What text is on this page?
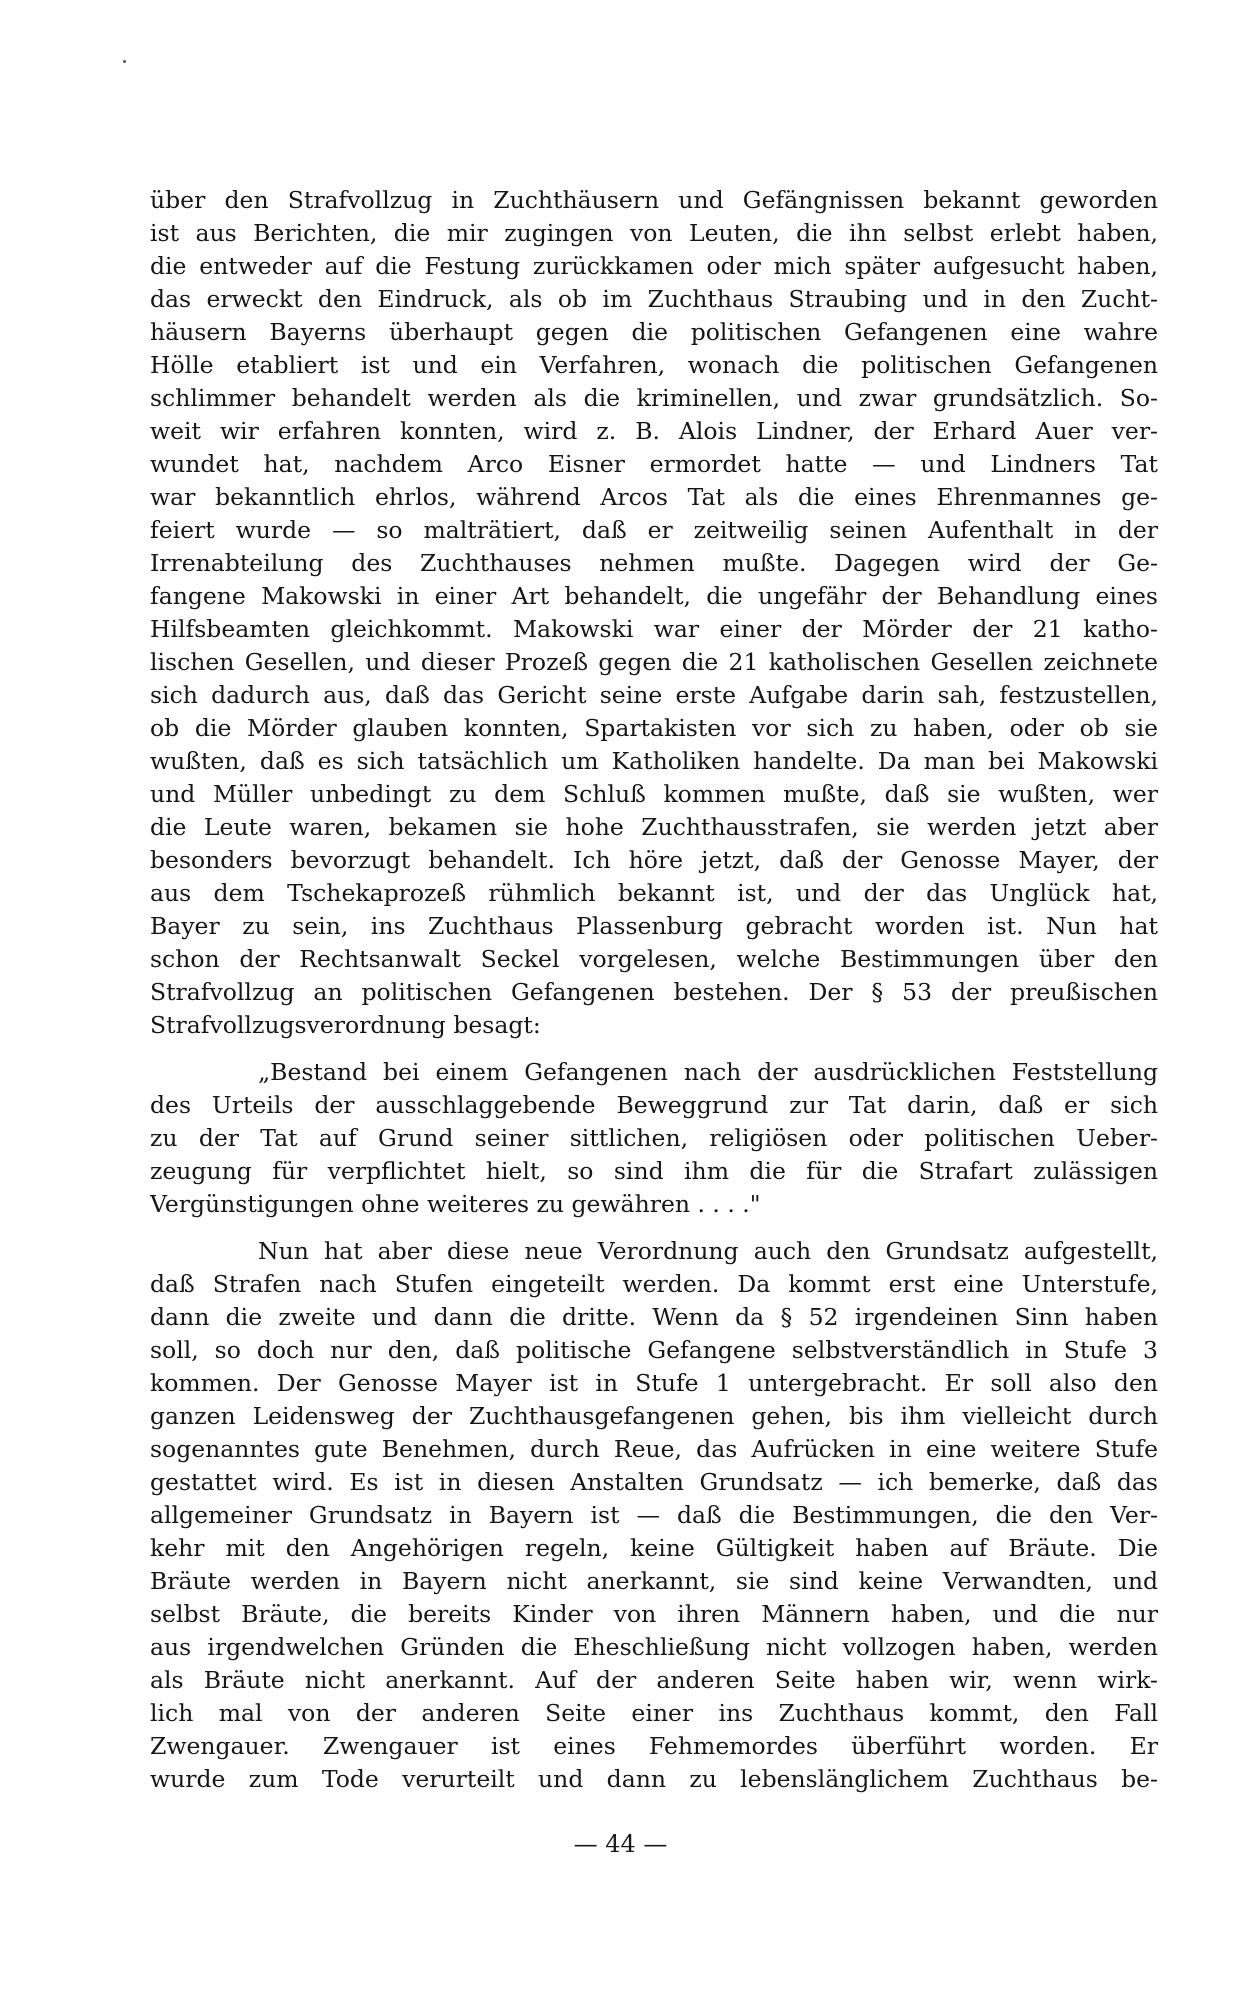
über den Strafvollzug in Zuchthäusern und Gefängnissen bekannt geworden
ist aus Berichten, die mir zugingen von Leuten, die ihn selbst erlebt haben,
die entweder auf die Festung zurückkamen oder mich später aufgesucht haben,
das erweckt den Eindruck, als ob im Zuchthaus Straubing und in den Zucht-
häusern Bayerns überhaupt gegen die politischen Gefangenen eine wahre
Hölle etabliert ist und ein Verfahren, wonach die politischen Gefangenen
schlimmer behandelt werden als die kriminellen, und zwar grundsätzlich. So-
weit wir erfahren konnten, wird z. B. Alois Lindner, der Erhard Auer ver-
wundet hat, nachdem Arco Eisner ermordet hatte — und Lindners Tat
war bekanntlich ehrlos, während Arcos Tat als die eines Ehrenmannes ge-
feiert wurde — so malträtiert, daß er zeitweilig seinen Aufenthalt in der
Irrenabteilung des Zuchthauses nehmen mußte. Dagegen wird der Ge-
fangene Makowski in einer Art behandelt, die ungefähr der Behandlung eines
Hilfsbeamten gleichkommt. Makowski war einer der Mörder der 21 katho-
lischen Gesellen, und dieser Prozeß gegen die 21 katholischen Gesellen zeichnete
sich dadurch aus, daß das Gericht seine erste Aufgabe darin sah, festzustellen,
ob die Mörder glauben konnten, Spartakisten vor sich zu haben, oder ob sie
wußten, daß es sich tatsächlich um Katholiken handelte. Da man bei Makowski
und Müller unbedingt zu dem Schluß kommen mußte, daß sie wußten, wer
die Leute waren, bekamen sie hohe Zuchthausstrafen, sie werden jetzt aber
besonders bevorzugt behandelt. Ich höre jetzt, daß der Genosse Mayer, der
aus dem Tschekaprozeß rühmlich bekannt ist, und der das Unglück hat,
Bayer zu sein, ins Zuchthaus Plassenburg gebracht worden ist. Nun hat
schon der Rechtsanwalt Seckel vorgelesen, welche Bestimmungen über den
Strafvollzug an politischen Gefangenen bestehen. Der § 53 der preußischen
Strafvollzugsverordnung besagt:
„Bestand bei einem Gefangenen nach der ausdrücklichen Feststellung
des Urteils der ausschlaggebende Beweggrund zur Tat darin, daß er sich
zu der Tat auf Grund seiner sittlichen, religiösen oder politischen Ueber-
zeugung für verpflichtet hielt, so sind ihm die für die Strafart zulässigen
Vergünstigungen ohne weiteres zu gewähren . . . ."
Nun hat aber diese neue Verordnung auch den Grundsatz aufgestellt,
daß Strafen nach Stufen eingeteilt werden. Da kommt erst eine Unterstufe,
dann die zweite und dann die dritte. Wenn da § 52 irgendeinen Sinn haben
soll, so doch nur den, daß politische Gefangene selbstverständlich in Stufe 3
kommen. Der Genosse Mayer ist in Stufe 1 untergebracht. Er soll also den
ganzen Leidensweg der Zuchthausgefangenen gehen, bis ihm vielleicht durch
sogenanntes gute Benehmen, durch Reue, das Aufrücken in eine weitere Stufe
gestattet wird. Es ist in diesen Anstalten Grundsatz — ich bemerke, daß das
allgemeiner Grundsatz in Bayern ist — daß die Bestimmungen, die den Ver-
kehr mit den Angehörigen regeln, keine Gültigkeit haben auf Bräute. Die
Bräute werden in Bayern nicht anerkannt, sie sind keine Verwandten, und
selbst Bräute, die bereits Kinder von ihren Männern haben, und die nur
aus irgendwelchen Gründen die Eheschließung nicht vollzogen haben, werden
als Bräute nicht anerkannt. Auf der anderen Seite haben wir, wenn wirk-
lich mal von der anderen Seite einer ins Zuchthaus kommt, den Fall
Zwengauer. Zwengauer ist eines Fehmemordes überführt worden. Er
wurde zum Tode verurteilt und dann zu lebenslänglichem Zuchthaus be-
— 44 —
